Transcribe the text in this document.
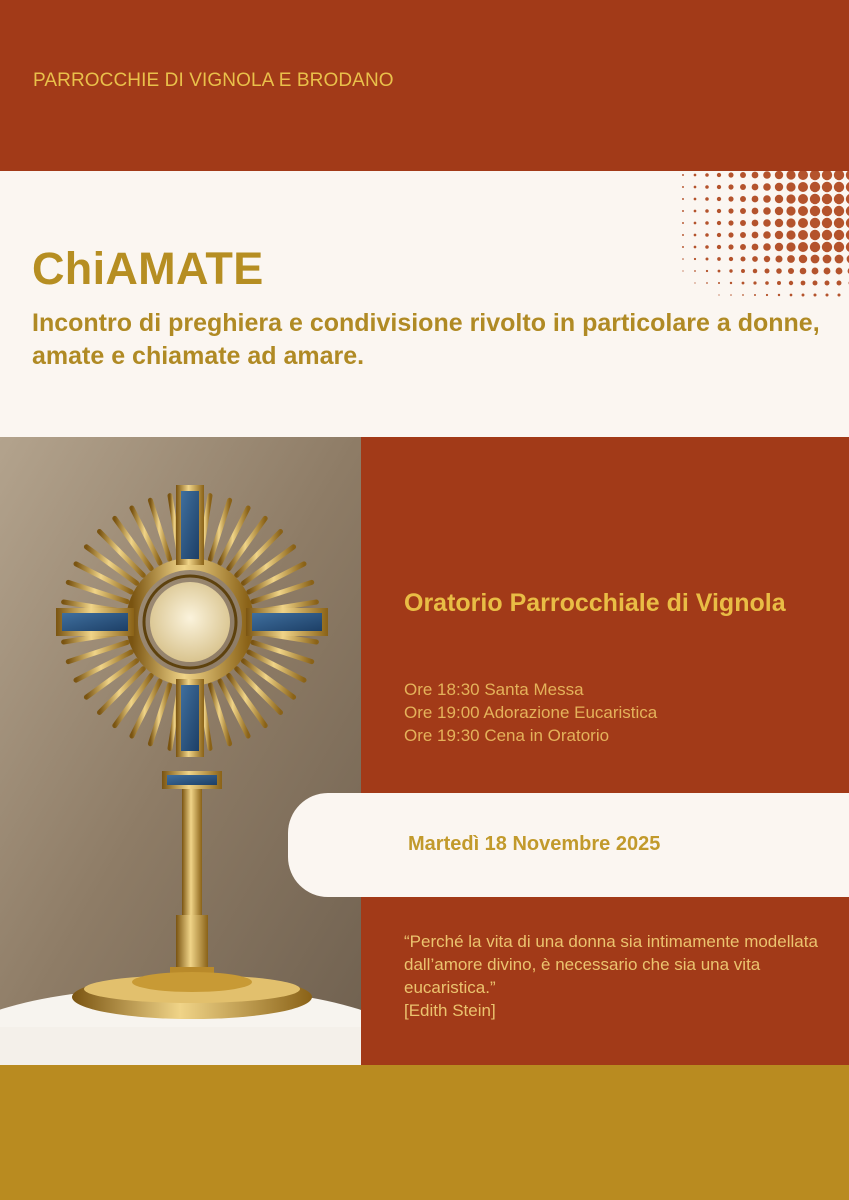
PARROCCHIE DI VIGNOLA E BRODANO
ChiAMATE
Incontro di preghiera e condivisione rivolto in particolare a donne, amate e chiamate ad amare.
Oratorio Parrocchiale di Vignola
Ore 18:30 Santa Messa
Ore 19:00 Adorazione Eucaristica
Ore 19:30 Cena in Oratorio
Martedì 18 Novembre 2025
“Perché la vita di una donna sia intimamente modellata dall’amore divino, è necessario che sia una vita eucaristica.”
[Edith Stein]
